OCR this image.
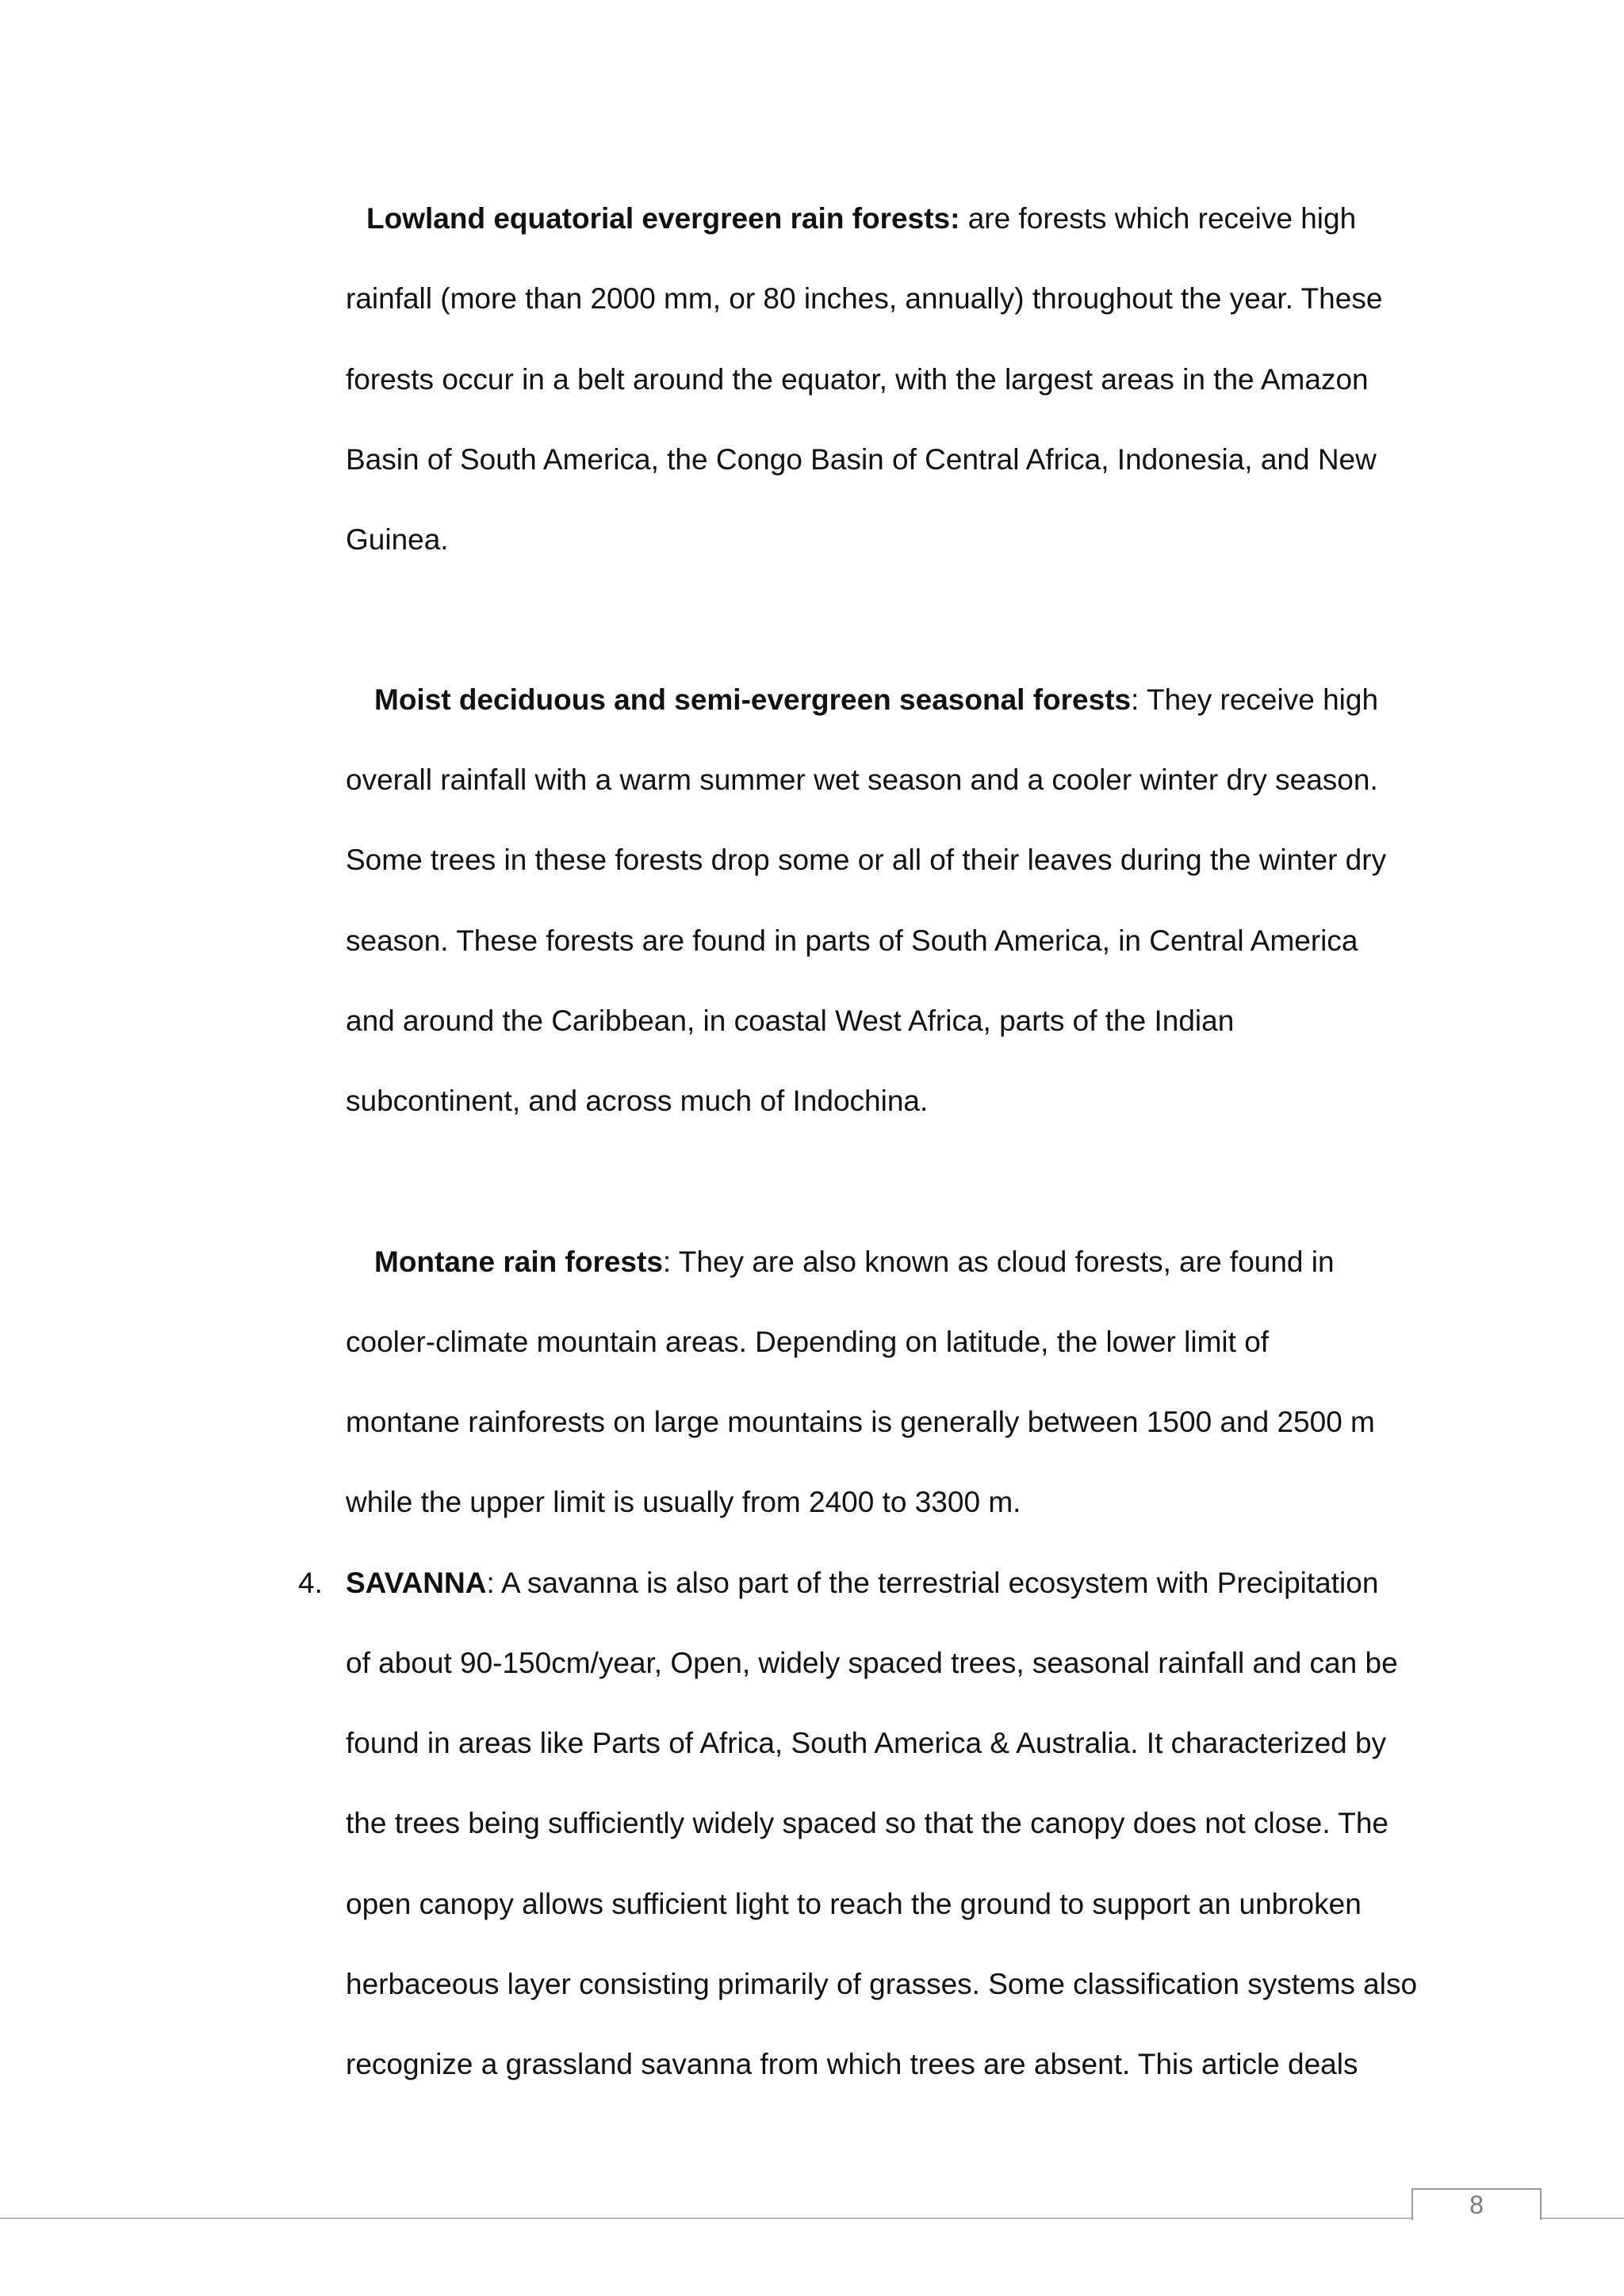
Lowland equatorial evergreen rain forests: are forests which receive high
rainfall (more than 2000 mm, or 80 inches, annually) throughout the year. These
forests occur in a belt around the equator, with the largest areas in the Amazon
Basin of South America, the Congo Basin of Central Africa, Indonesia, and New
Guinea.
Moist deciduous and semi-evergreen seasonal forests: They receive high
overall rainfall with a warm summer wet season and a cooler winter dry season.
Some trees in these forests drop some or all of their leaves during the winter dry
season. These forests are found in parts of South America, in Central America
and around the Caribbean, in coastal West Africa, parts of the Indian
subcontinent, and across much of Indochina.
Montane rain forests: They are also known as cloud forests, are found in
cooler-climate mountain areas. Depending on latitude, the lower limit of
montane rainforests on large mountains is generally between 1500 and 2500 m
while the upper limit is usually from 2400 to 3300 m.
4. SAVANNA: A savanna is also part of the terrestrial ecosystem with Precipitation
of about 90-150cm/year, Open, widely spaced trees, seasonal rainfall and can be
found in areas like Parts of Africa, South America & Australia. It characterized by
the trees being sufficiently widely spaced so that the canopy does not close. The
open canopy allows sufficient light to reach the ground to support an unbroken
herbaceous layer consisting primarily of grasses. Some classification systems also
recognize a grassland savanna from which trees are absent. This article deals
8
